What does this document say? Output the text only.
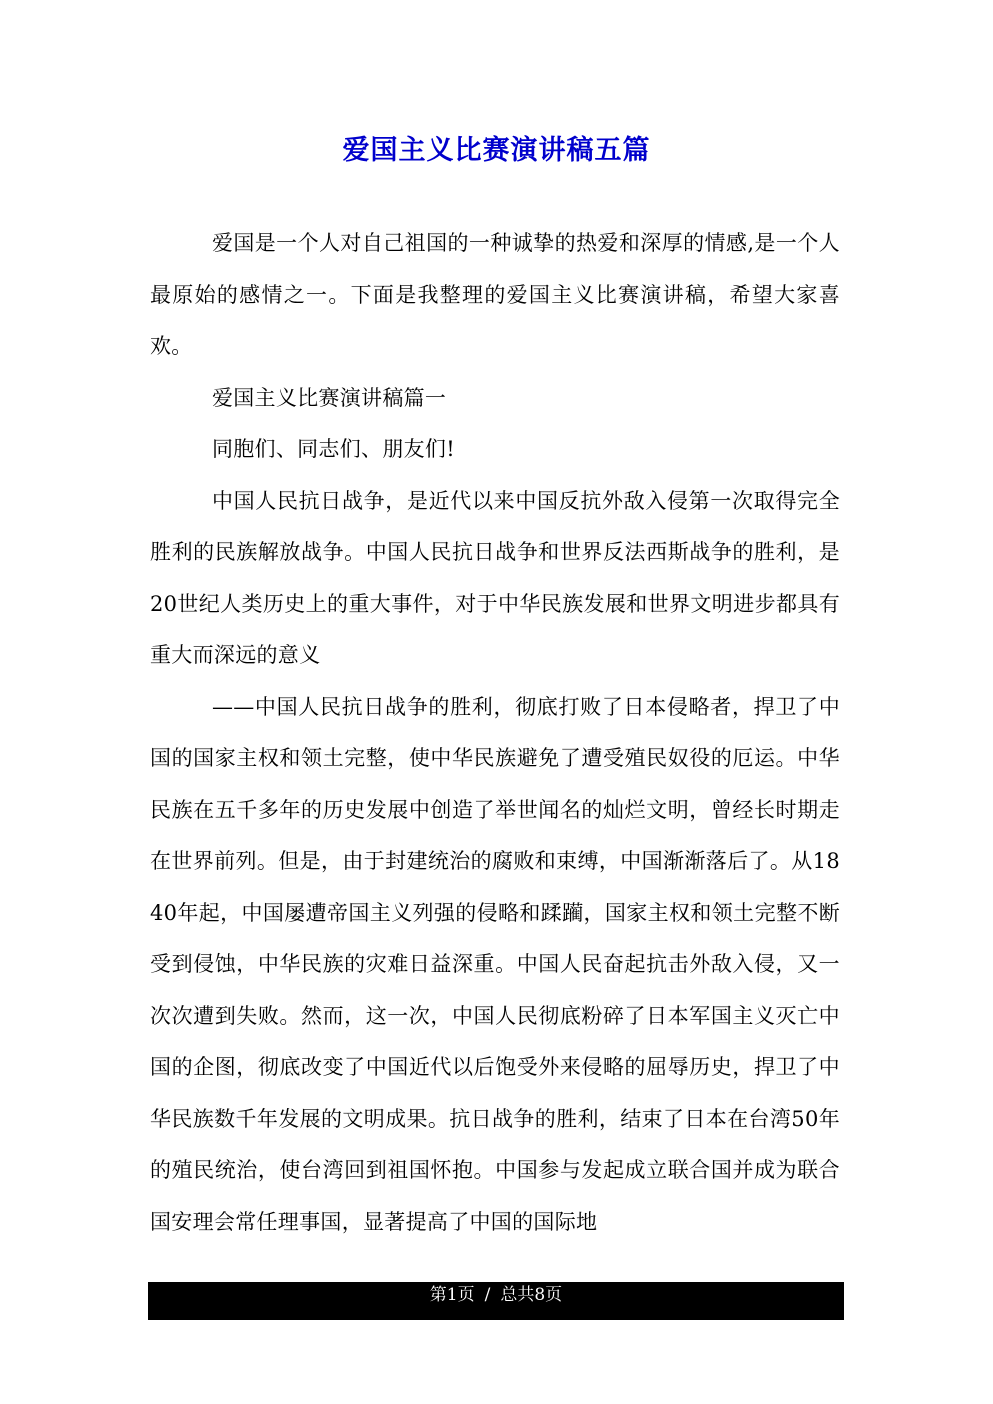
爱国主义比赛演讲稿五篇

爱国是一个人对自己祖国的一种诚挚的热爱和深厚的情感,是一个人最原始的感情之一。下面是我整理的爱国主义比赛演讲稿，希望大家喜欢。

爱国主义比赛演讲稿篇一

同胞们、同志们、朋友们!

中国人民抗日战争，是近代以来中国反抗外敌入侵第一次取得完全胜利的民族解放战争。中国人民抗日战争和世界反法西斯战争的胜利，是20世纪人类历史上的重大事件，对于中华民族发展和世界文明进步都具有重大而深远的意义

——中国人民抗日战争的胜利，彻底打败了日本侵略者，捍卫了中国的国家主权和领土完整，使中华民族避免了遭受殖民奴役的厄运。中华民族在五千多年的历史发展中创造了举世闻名的灿烂文明，曾经长时期走在世界前列。但是，由于封建统治的腐败和束缚，中国渐渐落后了。从1840年起，中国屡遭帝国主义列强的侵略和蹂躏，国家主权和领土完整不断受到侵蚀，中华民族的灾难日益深重。中国人民奋起抗击外敌入侵，又一次次遭到失败。然而，这一次，中国人民彻底粉碎了日本军国主义灭亡中国的企图，彻底改变了中国近代以后饱受外来侵略的屈辱历史，捍卫了中华民族数千年发展的文明成果。抗日战争的胜利，结束了日本在台湾50年的殖民统治，使台湾回到祖国怀抱。中国参与发起成立联合国并成为联合国安理会常任理事国，显著提高了中国的国际地

第1页 / 总共8页
